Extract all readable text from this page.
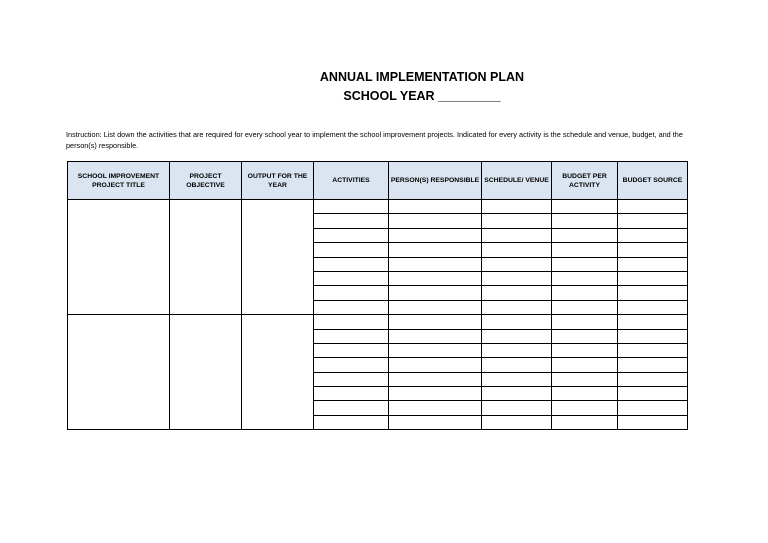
ANNUAL IMPLEMENTATION PLAN
SCHOOL YEAR _________
Instruction: List down the activities that are required for every school year to implement the school improvement projects. Indicated for every activity is the schedule and venue, budget, and the person(s) responsible.
SCHOOL IMPROVEMENT PROJECT TITLE	PROJECT OBJECTIVE	OUTPUT FOR THE YEAR	ACTIVITIES	PERSON(S) RESPONSIBLE	SCHEDULE/ VENUE	BUDGET PER ACTIVITY	BUDGET SOURCE
